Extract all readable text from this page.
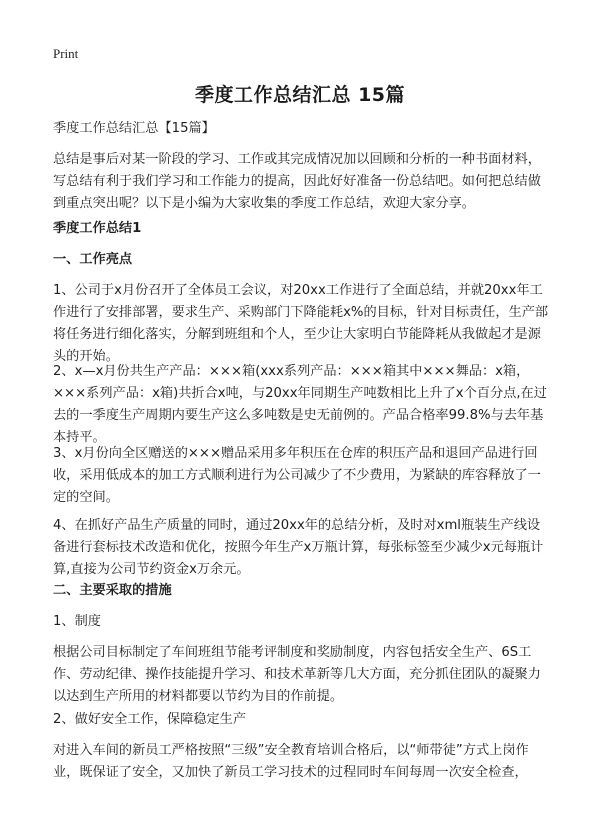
Print
季度工作总结汇总 15篇
季度工作总结汇总【15篇】
总结是事后对某一阶段的学习、工作或其完成情况加以回顾和分析的一种书面材料，写总结有利于我们学习和工作能力的提高，因此好好准备一份总结吧。如何把总结做到重点突出呢？以下是小编为大家收集的季度工作总结，欢迎大家分享。
季度工作总结1
一、工作亮点
1、公司于x月份召开了全体员工会议，对20xx工作进行了全面总结，并就20xx年工作进行了安排部署，要求生产、采购部门下降能耗x%的目标，针对目标责任，生产部将任务进行细化落实，分解到班组和个人，至少让大家明白节能降耗从我做起才是源头的开始。
2、x—x月份共生产产品：×××箱(xxx系列产品：×××箱其中×××舞品：x箱，×××系列产品：x箱)共折合x吨，与20xx年同期生产吨数相比上升了x个百分点,在过去的一季度生产周期内要生产这么多吨数是史无前例的。产品合格率99.8%与去年基本持平。
3、x月份向全区赠送的×××赠品采用多年积压在仓库的积压产品和退回产品进行回收，采用低成本的加工方式顺利进行为公司减少了不少费用，为紧缺的库容释放了一定的空间。
4、在抓好产品生产质量的同时，通过20xx年的总结分析，及时对xml瓶装生产线设备进行套标技术改造和优化，按照今年生产x万瓶计算，每张标签至少减少x元每瓶计算,直接为公司节约资金x万余元。
二、主要采取的措施
1、制度
根据公司目标制定了车间班组节能考评制度和奖励制度，内容包括安全生产、6S工作、劳动纪律、操作技能提升学习、和技术革新等几大方面，充分抓住团队的凝聚力以达到生产所用的材料都要以节约为目的作前提。
2、做好安全工作，保障稳定生产
对进入车间的新员工严格按照“三级”安全教育培训合格后，以“师带徒”方式上岗作业，既保证了安全，又加快了新员工学习技术的过程同时车间每周一次安全检查，
